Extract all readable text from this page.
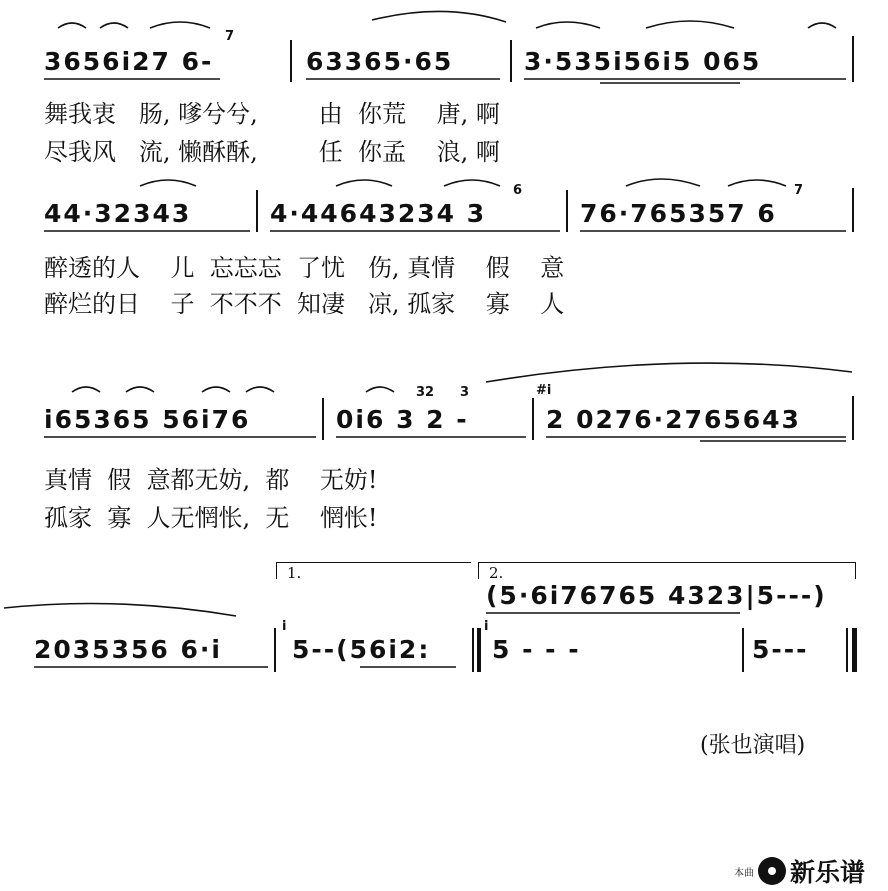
3656i27 6-	63365·65	3·535i56i5 065
7
舞我衷   肠, 嗲兮兮,        由  你荒    唐, 啊
尽我风   流, 懒酥酥,        任  你孟    浪, 啊
44·32343	4·44643234 3	76·765357 6
6	7
醉透的人    儿  忘忘忘  了忧   伤, 真情    假    意
醉烂的日    子  不不不  知凄   凉, 孤家    寡    人
i65365 56i76	0i6 3 2 -	2 0276·2765643
32 3	#i
真情  假  意都无妨,  都    无妨!
孤家  寡  人无惘怅,  无    惘怅!
1.	2.
(5·6i76765 4323|5---)
2035356 6·i	5--(56i2: 5 - - -	5---
i	i
(张也演唱)
本曲 新乐谱
